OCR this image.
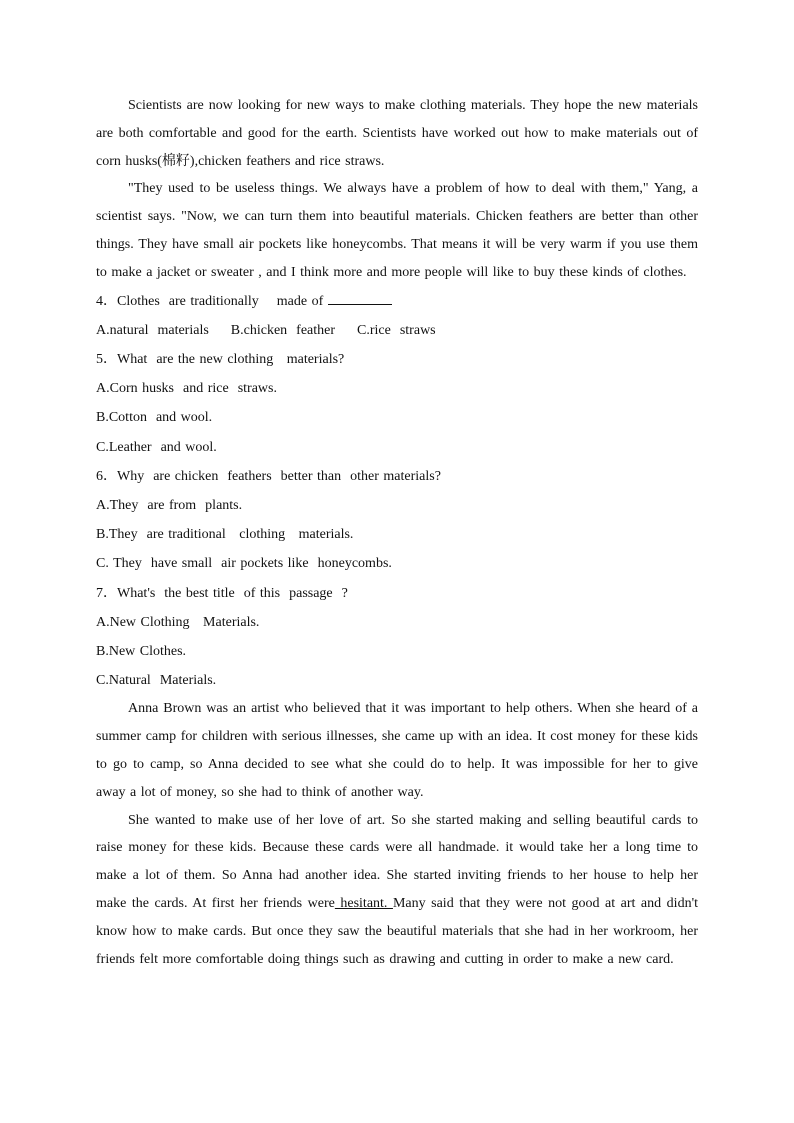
Scientists are now looking for new ways to make clothing materials. They hope the new materials are both comfortable and good for the earth. Scientists have worked out how to make materials out of corn husks(棉籽),chicken feathers and rice straws.

"They used to be useless things. We always have a problem of how to deal with them," Yang, a scientist says. "Now, we can turn them into beautiful materials. Chicken feathers are better than other things. They have small air pockets like honeycombs. That means it will be very warm if you use them to make a jacket or sweater , and I think more and more people will like to buy these kinds of clothes.

4．Clothes  are traditionally    made of

A.natural  materials B.chicken  feather C.rice  straws

5．What  are the new clothing   materials?

A.Corn husks  and rice  straws.

B.Cotton  and wool.

C.Leather  and wool.

6．Why  are chicken  feathers  better than  other materials?

A.They  are from  plants.

B.They  are traditional   clothing   materials.

C. They  have small  air pockets like  honeycombs.

7．What's  the best title  of this  passage  ?

A.New Clothing   Materials.

B.New Clothes.

C.Natural  Materials.

Anna Brown was an artist who believed that it was important to help others. When she heard of a summer camp for children with serious illnesses, she came up with an idea. It cost money for these kids to go to camp, so Anna decided to see what she could do to help. It was impossible for her to give away a lot of money, so she had to think of another way.

She wanted to make use of her love of art. So she started making and selling beautiful cards to raise money for these kids. Because these cards were all handmade. it would take her a long time to make a lot of them. So Anna had another idea. She started inviting friends to her house to help her make the cards. At first her friends were hesitant. Many said that they were not good at art and didn't know how to make cards. But once they saw the beautiful materials that she had in her workroom, her friends felt more comfortable doing things such as drawing and cutting in order to make a new card.
